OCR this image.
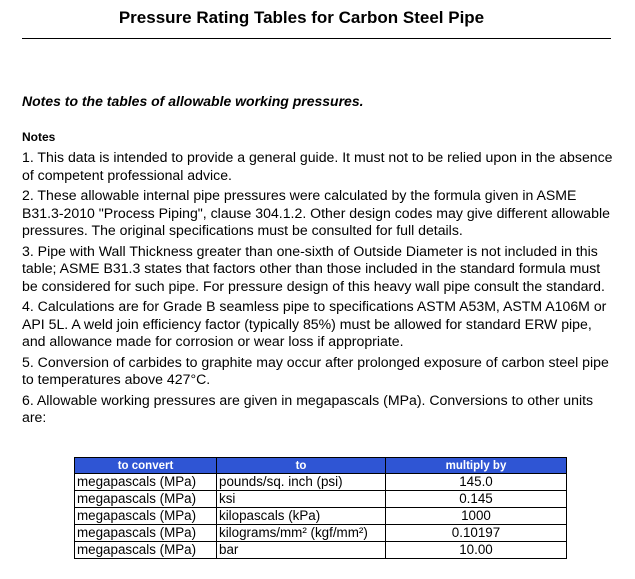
Pressure Rating Tables for Carbon Steel Pipe
Notes to the tables of allowable working pressures.
Notes

1. This data is intended to provide a general guide. It must not to be relied upon in the absence of competent professional advice.

2. These allowable internal pipe pressures were calculated by the formula given in ASME B31.3-2010 "Process Piping", clause 304.1.2. Other design codes may give different allowable pressures. The original specifications must be consulted for full details.

3. Pipe with Wall Thickness greater than one-sixth of Outside Diameter is not included in this table; ASME B31.3 states that factors other than those included in the standard formula must be considered for such pipe. For pressure design of this heavy wall pipe consult the standard.

4. Calculations are for Grade B seamless pipe to specifications ASTM A53M, ASTM A106M or API 5L. A weld join efficiency factor (typically 85%) must be allowed for standard ERW pipe, and allowance made for corrosion or wear loss if appropriate.

5. Conversion of carbides to graphite may occur after prolonged exposure of carbon steel pipe to temperatures above 427°C.

6. Allowable working pressures are given in megapascals (MPa). Conversions to other units are:

to convert	to	multiply by
megapascals (MPa)	pounds/sq. inch (psi)	145.0
megapascals (MPa)	ksi	0.145
megapascals (MPa)	kilopascals (kPa)	1000
megapascals (MPa)	kilograms/mm² (kgf/mm²)	0.10197
megapascals (MPa)	bar	10.00
